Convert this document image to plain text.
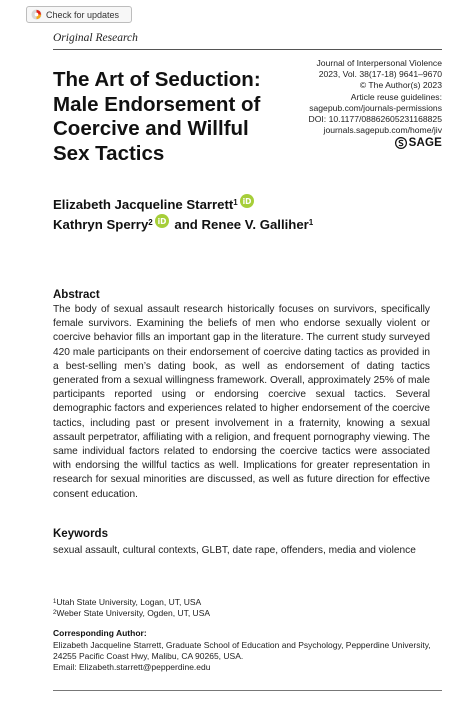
Check for updates
Original Research
The Art of Seduction: Male Endorsement of Coercive and Willful Sex Tactics
Journal of Interpersonal Violence
2023, Vol. 38(17-18) 9641–9670
© The Author(s) 2023
Article reuse guidelines:
sagepub.com/journals-permissions
DOI: 10.1177/08862605231168825
journals.sagepub.com/home/jiv
SAGE
Elizabeth Jacqueline Starrett$^1$ iD

Kathryn Sperry$^2$ iD and Renee V. Galliher$^1$
Abstract
The body of sexual assault research historically focuses on survivors, specifically female survivors. Examining the beliefs of men who endorse sexually violent or coercive behavior fills an important gap in the literature. The current study surveyed 420 male participants on their endorsement of coercive dating tactics as provided in a best-selling men’s dating book, as well as endorsement of dating tactics generated from a sexual willingness framework. Overall, approximately 25% of male participants reported using or endorsing coercive sexual tactics. Several demographic factors and experiences related to higher endorsement of the coercive tactics, including past or present involvement in a fraternity, knowing a sexual assault perpetrator, affiliating with a religion, and frequent pornography viewing. The same individual factors related to endorsing the coercive tactics were associated with endorsing the willful tactics as well. Implications for greater representation in research for sexual minorities are discussed, as well as future direction for effective consent education.
Keywords
sexual assault, cultural contexts, GLBT, date rape, offenders, media and violence
$^1$Utah State University, Logan, UT, USA
$^2$Weber State University, Ogden, UT, USA
Corresponding Author:
Elizabeth Jacqueline Starrett, Graduate School of Education and Psychology, Pepperdine University, 24255 Pacific Coast Hwy, Malibu, CA 90265, USA.
Email: Elizabeth.starrett@pepperdine.edu
